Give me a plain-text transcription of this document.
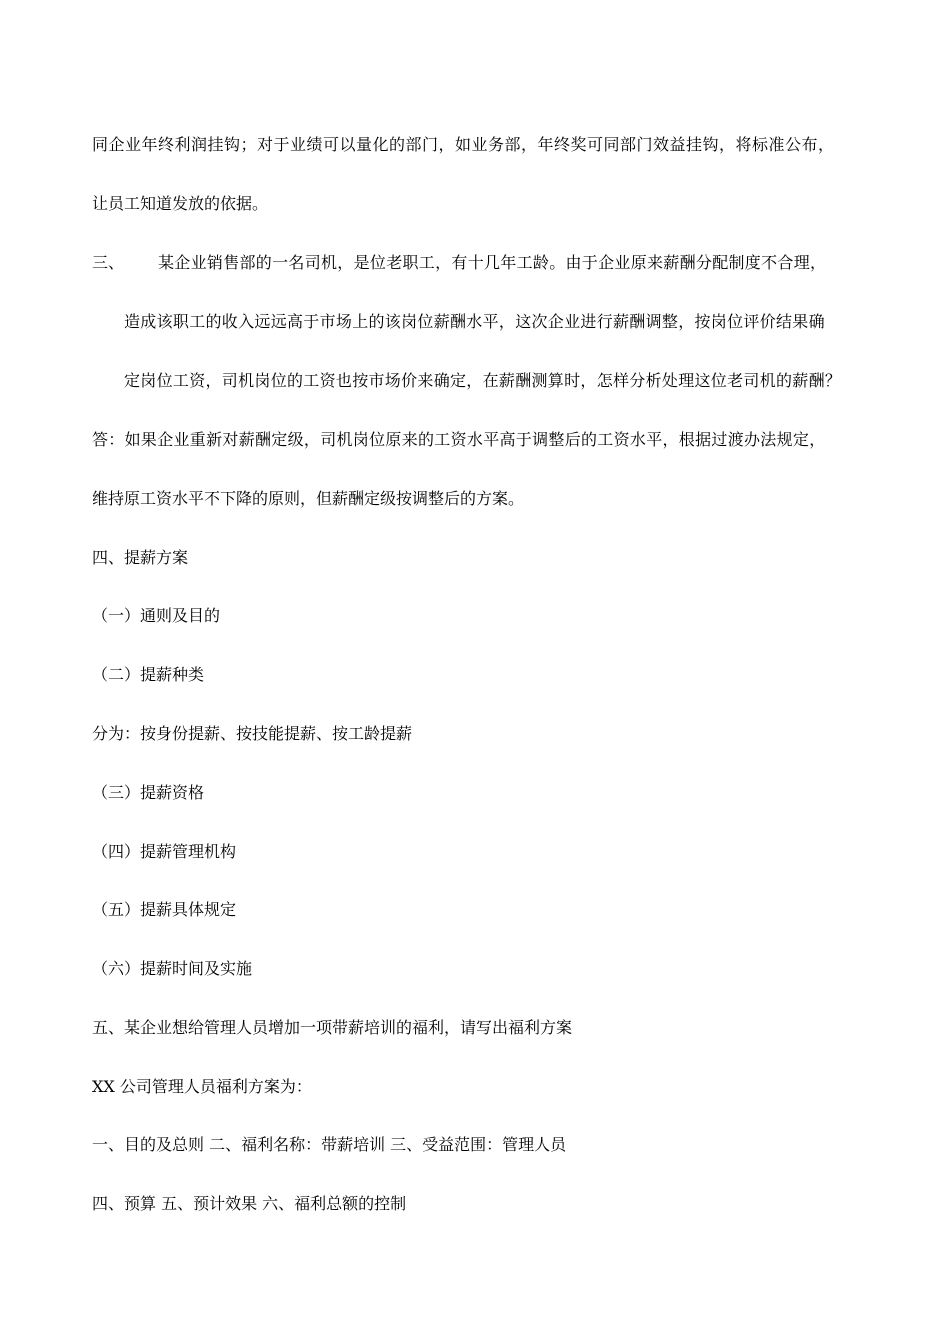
同企业年终利润挂钩；对于业绩可以量化的部门，如业务部，年终奖可同部门效益挂钩，将标准公布，

让员工知道发放的依据。

三、 某企业销售部的一名司机，是位老职工，有十几年工龄。由于企业原来薪酬分配制度不合理，

造成该职工的收入远远高于市场上的该岗位薪酬水平，这次企业进行薪酬调整，按岗位评价结果确

定岗位工资，司机岗位的工资也按市场价来确定，在薪酬测算时，怎样分析处理这位老司机的薪酬？

答：如果企业重新对薪酬定级，司机岗位原来的工资水平高于调整后的工资水平，根据过渡办法规定，

维持原工资水平不下降的原则，但薪酬定级按调整后的方案。

四、提薪方案

（一）通则及目的

（二）提薪种类

分为：按身份提薪、按技能提薪、按工龄提薪

（三）提薪资格

（四）提薪管理机构

（五）提薪具体规定

（六）提薪时间及实施

五、某企业想给管理人员增加一项带薪培训的福利，请写出福利方案

XX 公司管理人员福利方案为：

一、目的及总则 二、福利名称：带薪培训 三、受益范围：管理人员

四、预算 五、预计效果 六、福利总额的控制
